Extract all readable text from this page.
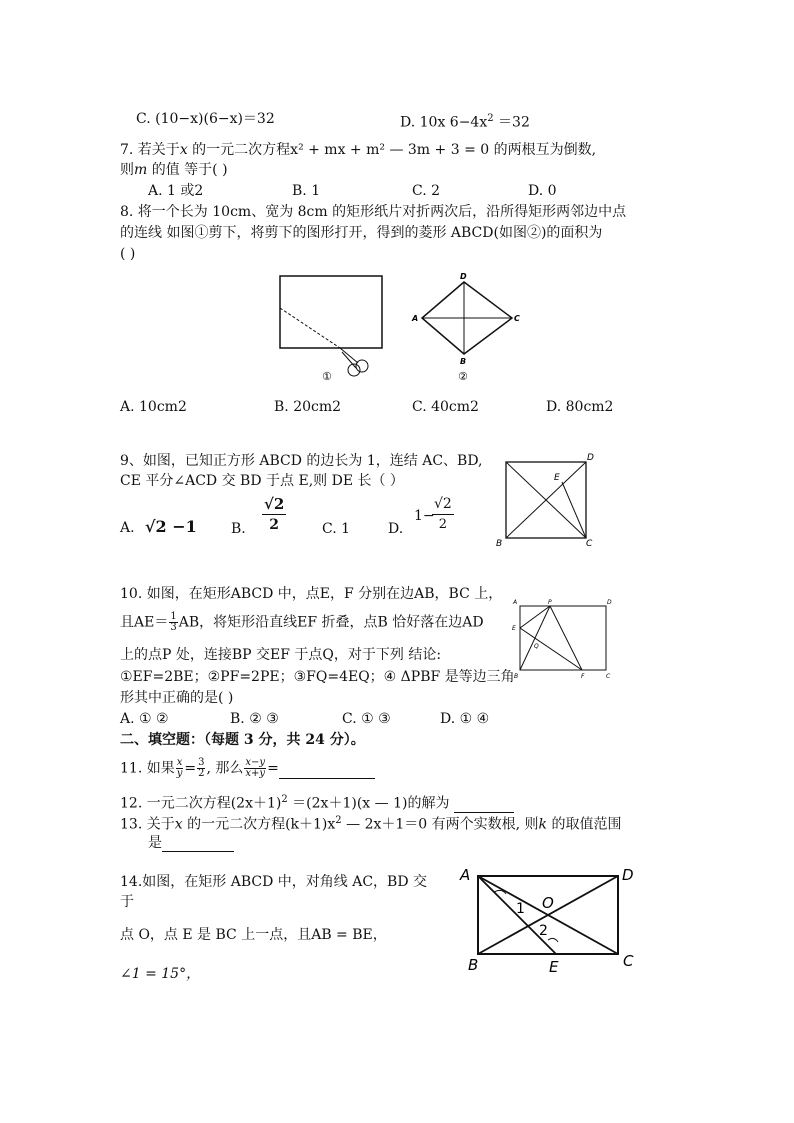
C. (10−x)(6−x)＝32	D. 10x $6-4x^2 =32$
7. 若关于x 的一元二次方程x² + mx + m² — 3m + 3 = 0 的两根互为倒数,
则m 的值 等于( )
A. 1 或2	B. 1	C. 2	D. 0
8. 将一个长为 10cm、宽为 8cm 的矩形纸片对折两次后，沿所得矩形两邻边中点
的连线 如图①剪下，将剪下的图形打开，得到的菱形 ABCD(如图②)的面积为
( )
①
D
A	C
B
②
A. 10cm2	B. 20cm2	C. 40cm2	D. 80cm2
9、如图，已知正方形 ABCD 的边长为 1，连结 AC、BD,
CE 平分∠ACD 交 BD 于点 E,则 DE 长（ ）
A. √2 −1 B.
√2
2	C. 1	D.
1−
√2
2
D
E
B	C
10. 如图，在矩形ABCD 中，点E，F 分别在边AB，BC 上，
且$AE= \frac{1}{3}$ AB，将矩形沿直线EF 折叠，点B 恰好落在边AD
上的点P 处，连接BP 交EF 于点Q，对于下列 结论:
①EF=2BE；②PF=2PE；③FQ=4EQ；④ ΔPBF 是等边三角
形其中正确的是( )
A	P	D
E
Q
B	F	C
A. ① ②	B. ② ③	C. ① ③	D. ① ④
二、填空题：（每题 3 分，共 24 分）。
11. 如果 $\frac{x}{y} = \frac{3}{2}$ , 那么 $\frac{x-y}{x+y}$ =
12. 一元二次方程$(2x+1)^2 =(2x+1)(x$ — 1)的解为
13. 关于x 的一元二次方程$(k+1)x^2$ — 2x＋1＝0 有两个实数根, 则k 的取值范围
是
14.如图，在矩形 ABCD 中，对角线 AC，BD 交
于
点 O，点 E 是 BC 上一点，且AB = BE，
∠1 = 15°，
A	D
O
1
2
B	E	C
